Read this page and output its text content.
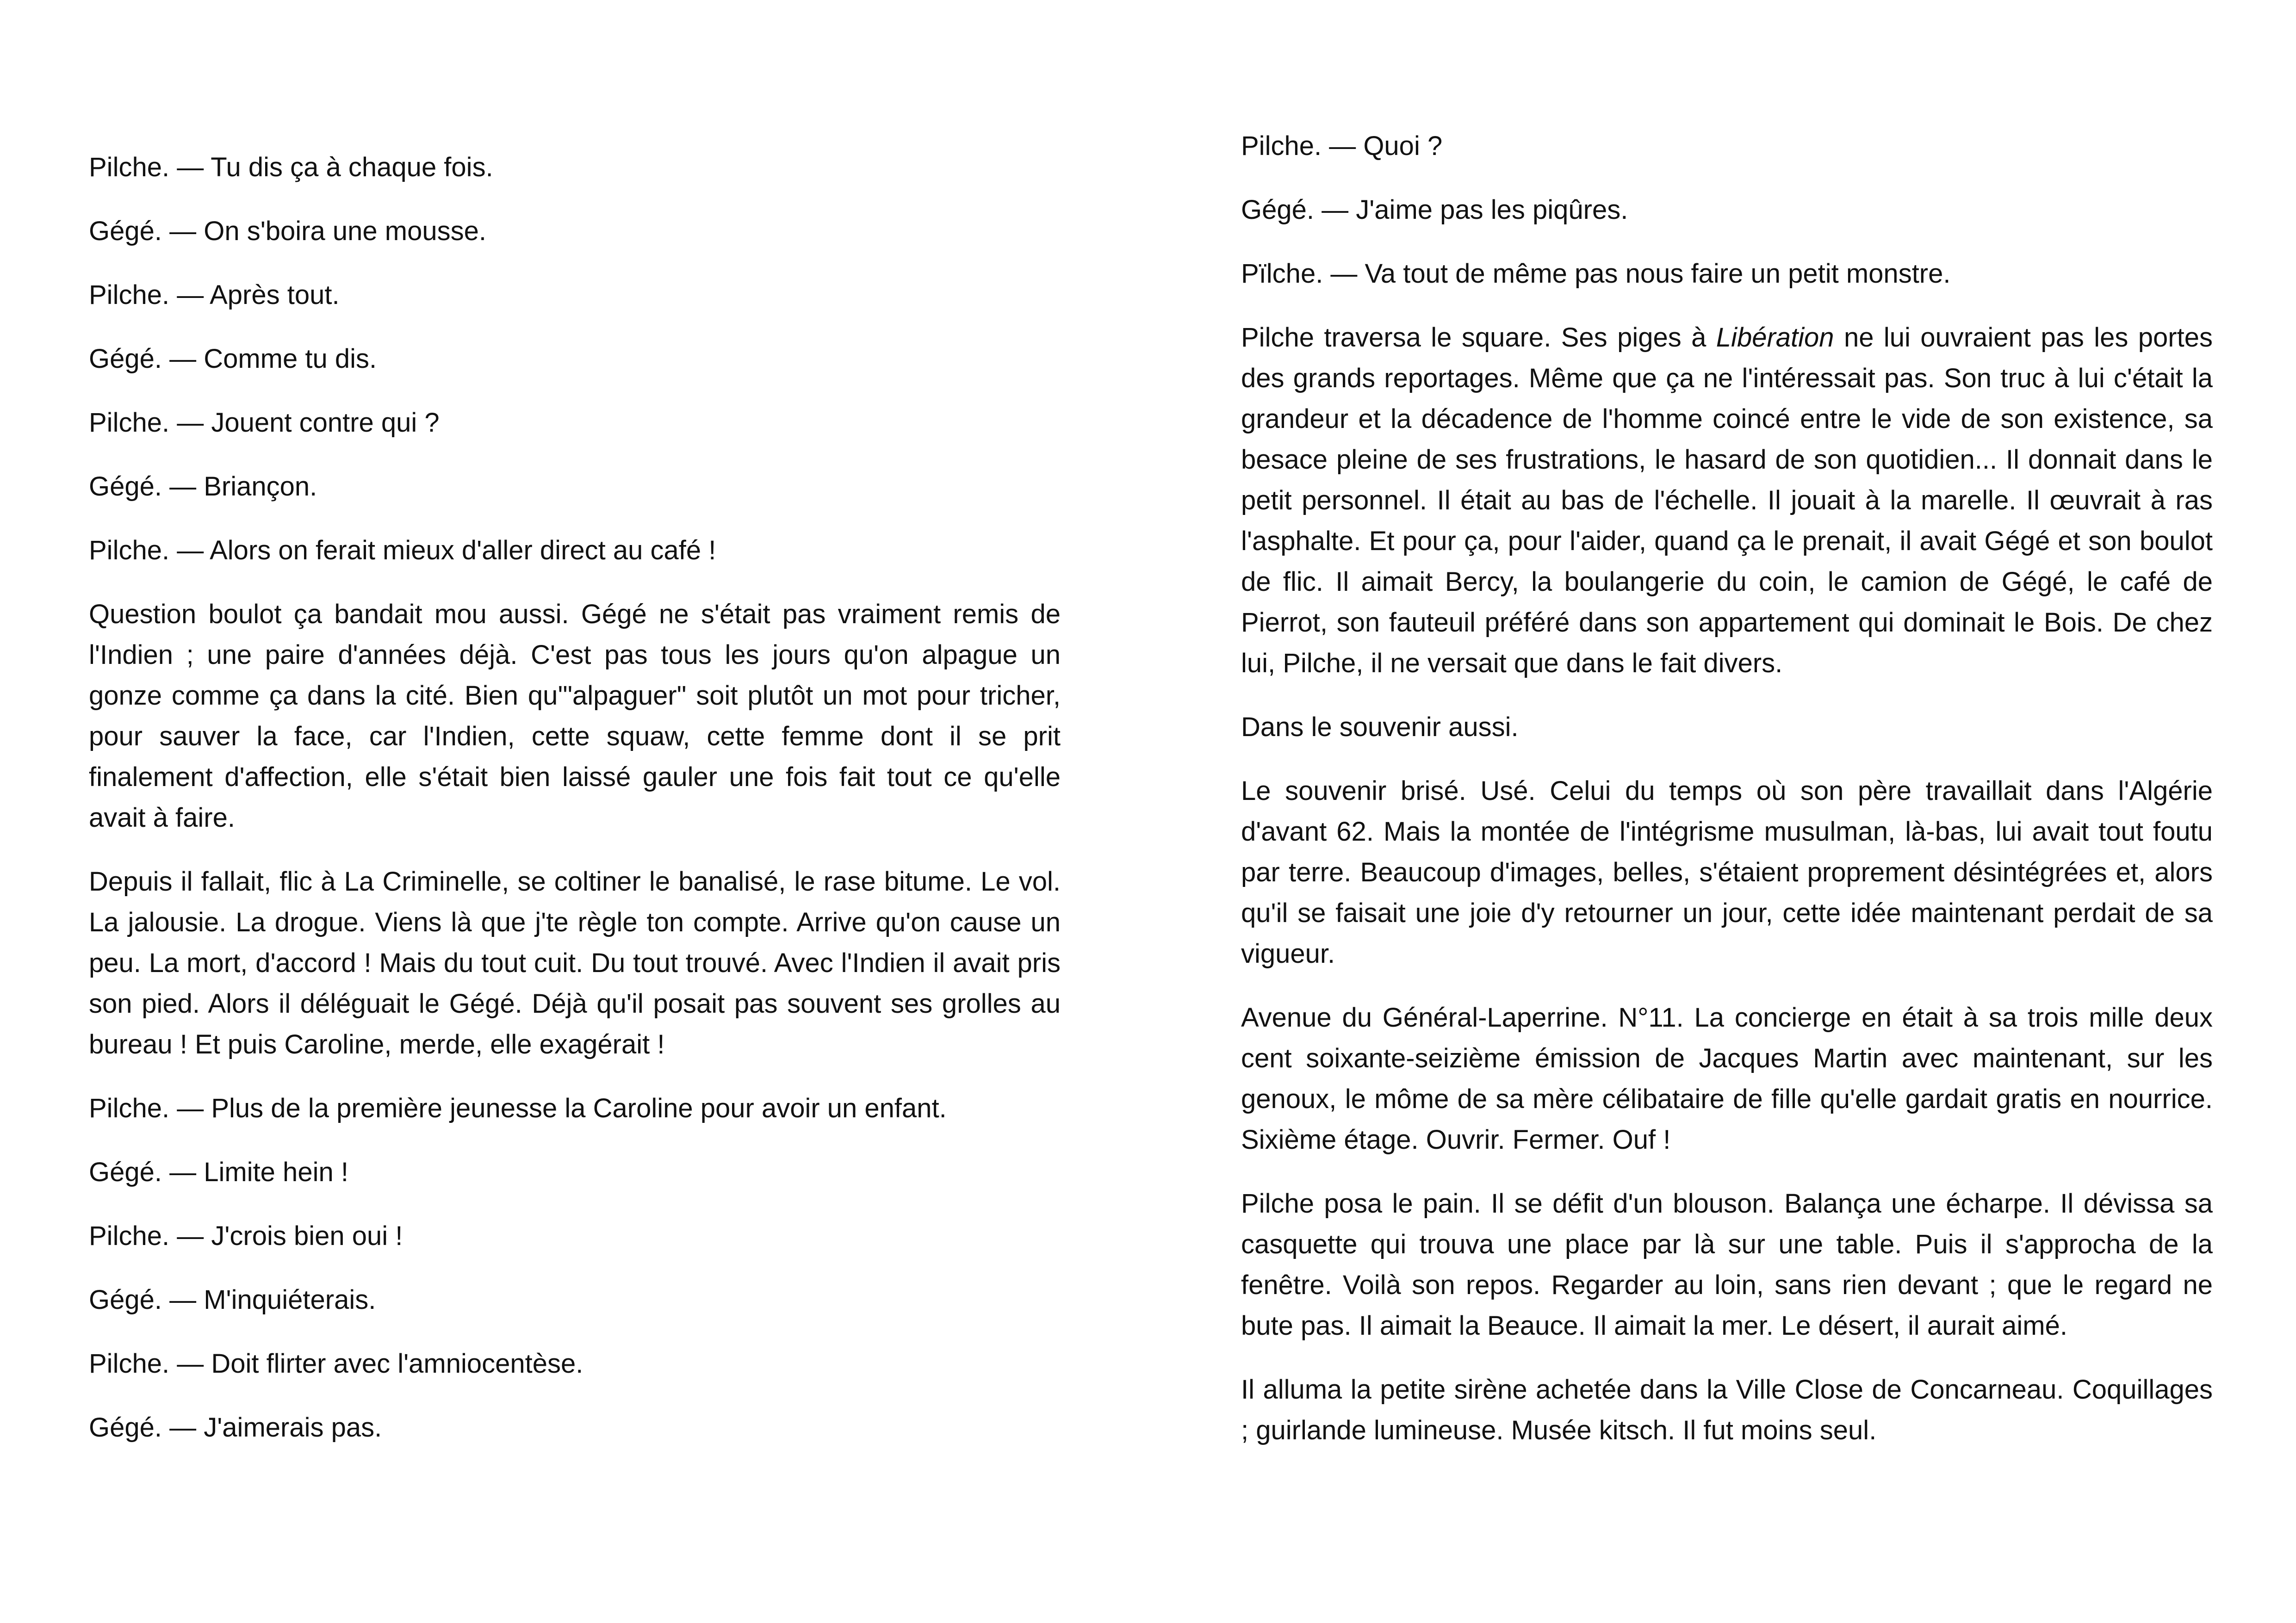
Pilche. — Tu dis ça à chaque fois.

Gégé. — On s'boira une mousse.

Pilche. — Après tout.

Gégé. — Comme tu dis.

Pilche. — Jouent contre qui ?

Gégé. — Briançon.

Pilche. — Alors on ferait mieux d'aller direct au café !

Question boulot ça bandait mou aussi. Gégé ne s'était pas vraiment remis de l'Indien ; une paire d'années déjà. C'est pas tous les jours qu'on alpague un gonze comme ça dans la cité. Bien qu'"alpaguer" soit plutôt un mot pour tricher, pour sauver la face, car l'Indien, cette squaw, cette femme dont il se prit finalement d'affection, elle s'était bien laissé gauler une fois fait tout ce qu'elle avait à faire.

Depuis il fallait, flic à La Criminelle, se coltiner le banalisé, le rase bitume. Le vol. La jalousie. La drogue. Viens là que j'te règle ton compte. Arrive qu'on cause un peu. La mort, d'accord ! Mais du tout cuit. Du tout trouvé. Avec l'Indien il avait pris son pied. Alors il déléguait le Gégé. Déjà qu'il posait pas souvent ses grolles au bureau ! Et puis Caroline, merde, elle exagérait !

Pilche. — Plus de la première jeunesse la Caroline pour avoir un enfant.

Gégé. — Limite hein !

Pilche. — J'crois bien oui !

Gégé. — M'inquiéterais.

Pilche. — Doit flirter avec l'amniocentèse.

Gégé. — J'aimerais pas.

Pilche. — Quoi ?

Gégé. — J'aime pas les piqûres.

Pïlche. — Va tout de même pas nous faire un petit monstre.

Pilche traversa le square. Ses piges à Libération ne lui ouvraient pas les portes des grands reportages. Même que ça ne l'intéressait pas. Son truc à lui c'était la grandeur et la décadence de l'homme coincé entre le vide de son existence, sa besace pleine de ses frustrations, le hasard de son quotidien... Il donnait dans le petit personnel. Il était au bas de l'échelle. Il jouait à la marelle. Il œuvrait à ras l'asphalte. Et pour ça, pour l'aider, quand ça le prenait, il avait Gégé et son boulot de flic. Il aimait Bercy, la boulangerie du coin, le camion de Gégé, le café de Pierrot, son fauteuil préféré dans son appartement qui dominait le Bois. De chez lui, Pilche, il ne versait que dans le fait divers.

Dans le souvenir aussi.

Le souvenir brisé. Usé. Celui du temps où son père travaillait dans l'Algérie d'avant 62. Mais la montée de l'intégrisme musulman, là-bas, lui avait tout foutu par terre. Beaucoup d'images, belles, s'étaient proprement désintégrées et, alors qu'il se faisait une joie d'y retourner un jour, cette idée maintenant perdait de sa vigueur.

Avenue du Général-Laperrine. N°11. La concierge en était à sa trois mille deux cent soixante-seizième émission de Jacques Martin avec maintenant, sur les genoux, le môme de sa mère célibataire de fille qu'elle gardait gratis en nourrice. Sixième étage. Ouvrir. Fermer. Ouf !

Pilche posa le pain. Il se défit d'un blouson. Balança une écharpe. Il dévissa sa casquette qui trouva une place par là sur une table. Puis il s'approcha de la fenêtre. Voilà son repos. Regarder au loin, sans rien devant ; que le regard ne bute pas. Il aimait la Beauce. Il aimait la mer. Le désert, il aurait aimé.

Il alluma la petite sirène achetée dans la Ville Close de Concarneau. Coquillages ; guirlande lumineuse. Musée kitsch. Il fut moins seul.
